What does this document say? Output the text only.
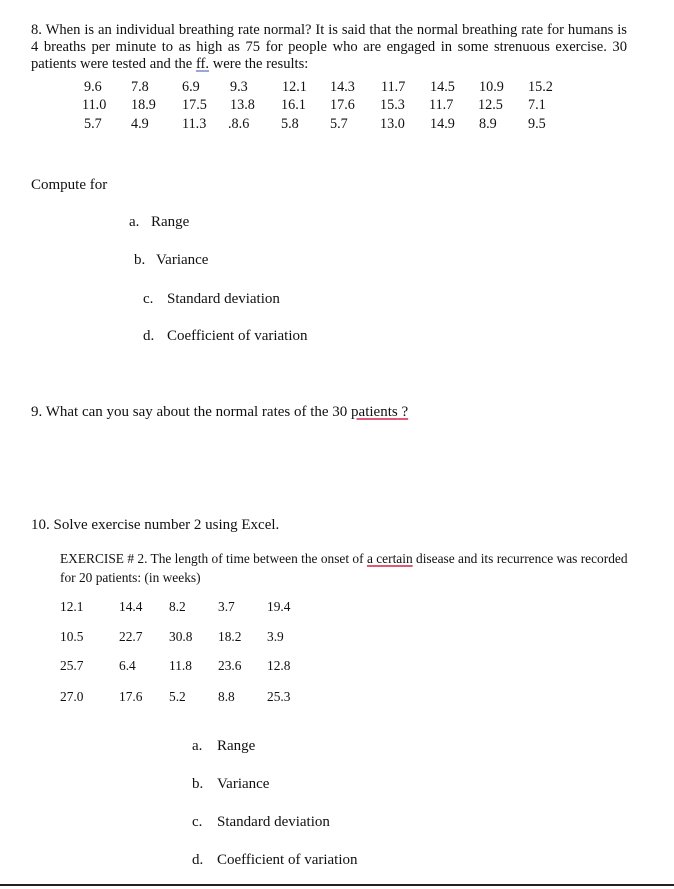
8. When is an individual breathing rate normal? It is said that the normal breathing rate for humans is 4 breaths per minute to as high as 75 for people who are engaged in some strenuous exercise. 30 patients were tested and the ff. were the results:
9.6 7.8 6.9 9.3 12.1 14.3 11.7 14.5 10.9 15.2
11.0 18.9 17.5 13.8 16.1 17.6 15.3 11.7 12.5 7.1
5.7 4.9 11.3 .8.6 5.8 5.7 13.0 14.9 8.9 9.5
Compute for
a. Range
b. Variance
c. Standard deviation
d. Coefficient of variation
9. What can you say about the normal rates of the 30 patients ?
10. Solve exercise number 2 using Excel.
EXERCISE # 2. The length of time between the onset of a certain disease and its recurrence was recorded for 20 patients: (in weeks)
12.1	14.4 8.2 3.7 19.4
10.5	22.7 30.8 18.2 3.9
25.7	6.4 11.8 23.6 12.8
27.0	17.6 5.2 8.8 25.3
a. Range
b. Variance
c. Standard deviation
d. Coefficient of variation
